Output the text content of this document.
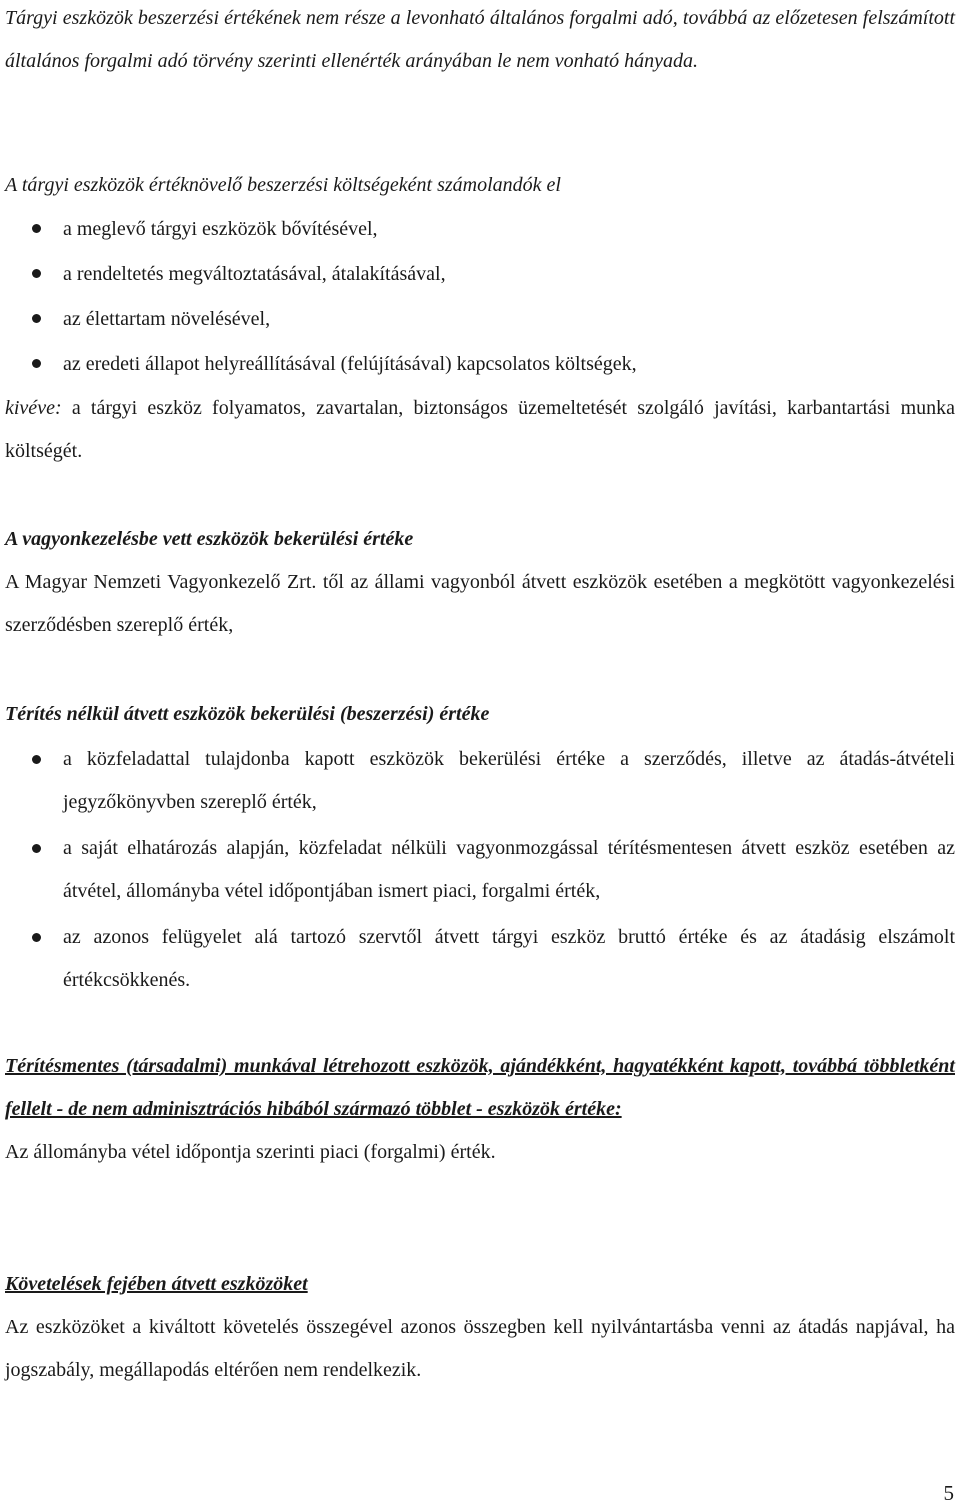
Tárgyi eszközök beszerzési értékének nem része a levonható általános forgalmi adó, továbbá az előzetesen felszámított általános forgalmi adó törvény szerinti ellenérték arányában le nem vonható hányada.

A tárgyi eszközök értéknövelő beszerzési költségeként számolandók el

a meglevő tárgyi eszközök bővítésével,
a rendeltetés megváltoztatásával, átalakításával,
az élettartam növelésével,
az eredeti állapot helyreállításával (felújításával) kapcsolatos költségek,

kivéve: a tárgyi eszköz folyamatos, zavartalan, biztonságos üzemeltetését szolgáló javítási, karbantartási munka költségét.

A vagyonkezelésbe vett eszközök bekerülési értéke

A Magyar Nemzeti Vagyonkezelő Zrt. től az állami vagyonból átvett eszközök esetében a megkötött vagyonkezelési szerződésben szereplő érték,

Térítés nélkül átvett eszközök bekerülési (beszerzési) értéke

a közfeladattal tulajdonba kapott eszközök bekerülési értéke a szerződés, illetve az átadás-átvételi jegyzőkönyvben szereplő érték,
a saját elhatározás alapján, közfeladat nélküli vagyonmozgással térítésmentesen átvett eszköz esetében az átvétel, állományba vétel időpontjában ismert piaci, forgalmi érték,
az azonos felügyelet alá tartozó szervtől átvett tárgyi eszköz bruttó értéke és az átadásig elszámolt értékcsökkenés.

Térítésmentes (társadalmi) munkával létrehozott eszközök, ajándékként, hagyatékként kapott, továbbá többletként fellelt - de nem adminisztrációs hibából származó többlet - eszközök értéke:

Az állományba vétel időpontja szerinti piaci (forgalmi) érték.

Követelések fejében átvett eszközöket

Az eszközöket a kiváltott követelés összegével azonos összegben kell nyilvántartásba venni az átadás napjával, ha jogszabály, megállapodás eltérően nem rendelkezik.

5
